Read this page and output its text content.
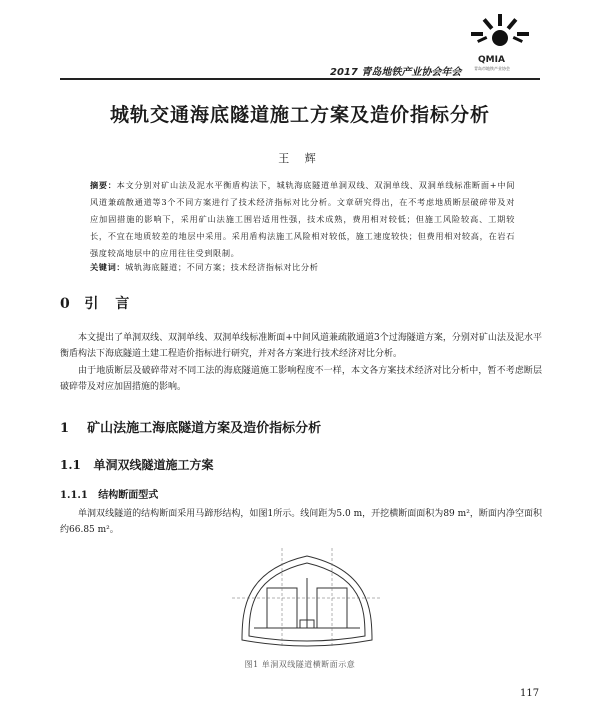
QMIA
青岛市地铁产业协会
2017 青岛地铁产业协会年会
城轨交通海底隧道施工方案及造价指标分析
王 辉
摘要：本文分别对矿山法及泥水平衡盾构法下，城轨海底隧道单洞双线、双洞单线、双洞单线标准断面+中间风道兼疏散通道等3个不同方案进行了技术经济指标对比分析。文章研究得出，在不考虑地质断层破碎带及对应加固措施的影响下，采用矿山法施工围岩适用性强，技术成熟，费用相对较低；但施工风险较高、工期较长，不宜在地质较差的地层中采用。采用盾构法施工风险相对较低，施工速度较快；但费用相对较高，在岩石强度较高地层中的应用往往受到限制。
关键词：城轨海底隧道；不同方案；技术经济指标对比分析
0 引 言
本文提出了单洞双线、双洞单线、双洞单线标准断面+中间风道兼疏散通道3个过海隧道方案，分别对矿山法及泥水平衡盾构法下海底隧道土建工程造价指标进行研究，并对各方案进行技术经济对比分析。
由于地质断层及破碎带对不同工法的海底隧道施工影响程度不一样，本文各方案技术经济对比分析中，暂不考虑断层破碎带及对应加固措施的影响。
1 矿山法施工海底隧道方案及造价指标分析
1.1 单洞双线隧道施工方案
1.1.1 结构断面型式
单洞双线隧道的结构断面采用马蹄形结构，如图1所示。线间距为5.0 m，开挖横断面面积为89 m²，断面内净空面积约66.85 m²。
图1 单洞双线隧道横断面示意
117
